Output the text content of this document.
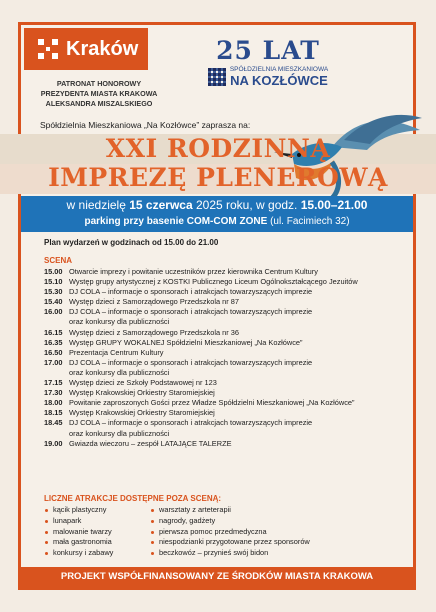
Kraków
PATRONAT HONOROWY
PREZYDENTA MIASTA KRAKOWA
ALEKSANDRA MISZALSKIEGO
25 LAT
SPÓŁDZIELNIA MIESZKANIOWA
NA KOZŁÓWCE
Spółdzielnia Mieszkaniowa „Na Kozłówce” zaprasza na:
XXI RODZINNĄ
IMPREZĘ PLENEROWĄ
w niedzielę 15 czerwca 2025 roku, w godz. 15.00–21.00
parking przy basenie COM-COM ZONE (ul. Facimiech 32)
Plan wydarzeń w godzinach od 15.00 do 21.00
SCENA
15.00 Otwarcie imprezy i powitanie uczestników przez kierownika Centrum Kultury
15.10 Występ grupy artystycznej z KOSTKI Publicznego Liceum Ogólnokształcącego Jezuitów
15.30 DJ COLA – informacje o sponsorach i atrakcjach towarzyszących imprezie
15.40 Występ dzieci z Samorządowego Przedszkola nr 87
16.00 DJ COLA – informacje o sponsorach i atrakcjach towarzyszących imprezie
oraz konkursy dla publiczności
16.15 Występ dzieci z Samorządowego Przedszkola nr 36
16.35 Występ GRUPY WOKALNEJ Spółdzielni Mieszkaniowej „Na Kozłówce”
16.50 Prezentacja Centrum Kultury
17.00 DJ COLA – informacje o sponsorach i atrakcjach towarzyszących imprezie
oraz konkursy dla publiczności
17.15 Występ dzieci ze Szkoły Podstawowej nr 123
17.30 Występ Krakowskiej Orkiestry Staromiejskiej
18.00 Powitanie zaproszonych Gości przez Władze Spółdzielni Mieszkaniowej „Na Kozłówce”
18.15 Występ Krakowskiej Orkiestry Staromiejskiej
18.45 DJ COLA – informacje o sponsorach i atrakcjach towarzyszących imprezie
oraz konkursy dla publiczności
19.00 Gwiazda wieczoru – zespół LATAJĄCE TALERZE
LICZNE ATRAKCJE DOSTĘPNE POZA SCENĄ:
kącik plastyczny
lunapark
malowanie twarzy
mała gastronomia
konkursy i zabawy
warsztaty z arteterapii
nagrody, gadżety
pierwsza pomoc przedmedyczna
niespodzianki przygotowane przez sponsorów
beczkowóz – przynieś swój bidon
PROJEKT WSPÓŁFINANSOWANY ZE ŚRODKÓW MIASTA KRAKOWA
